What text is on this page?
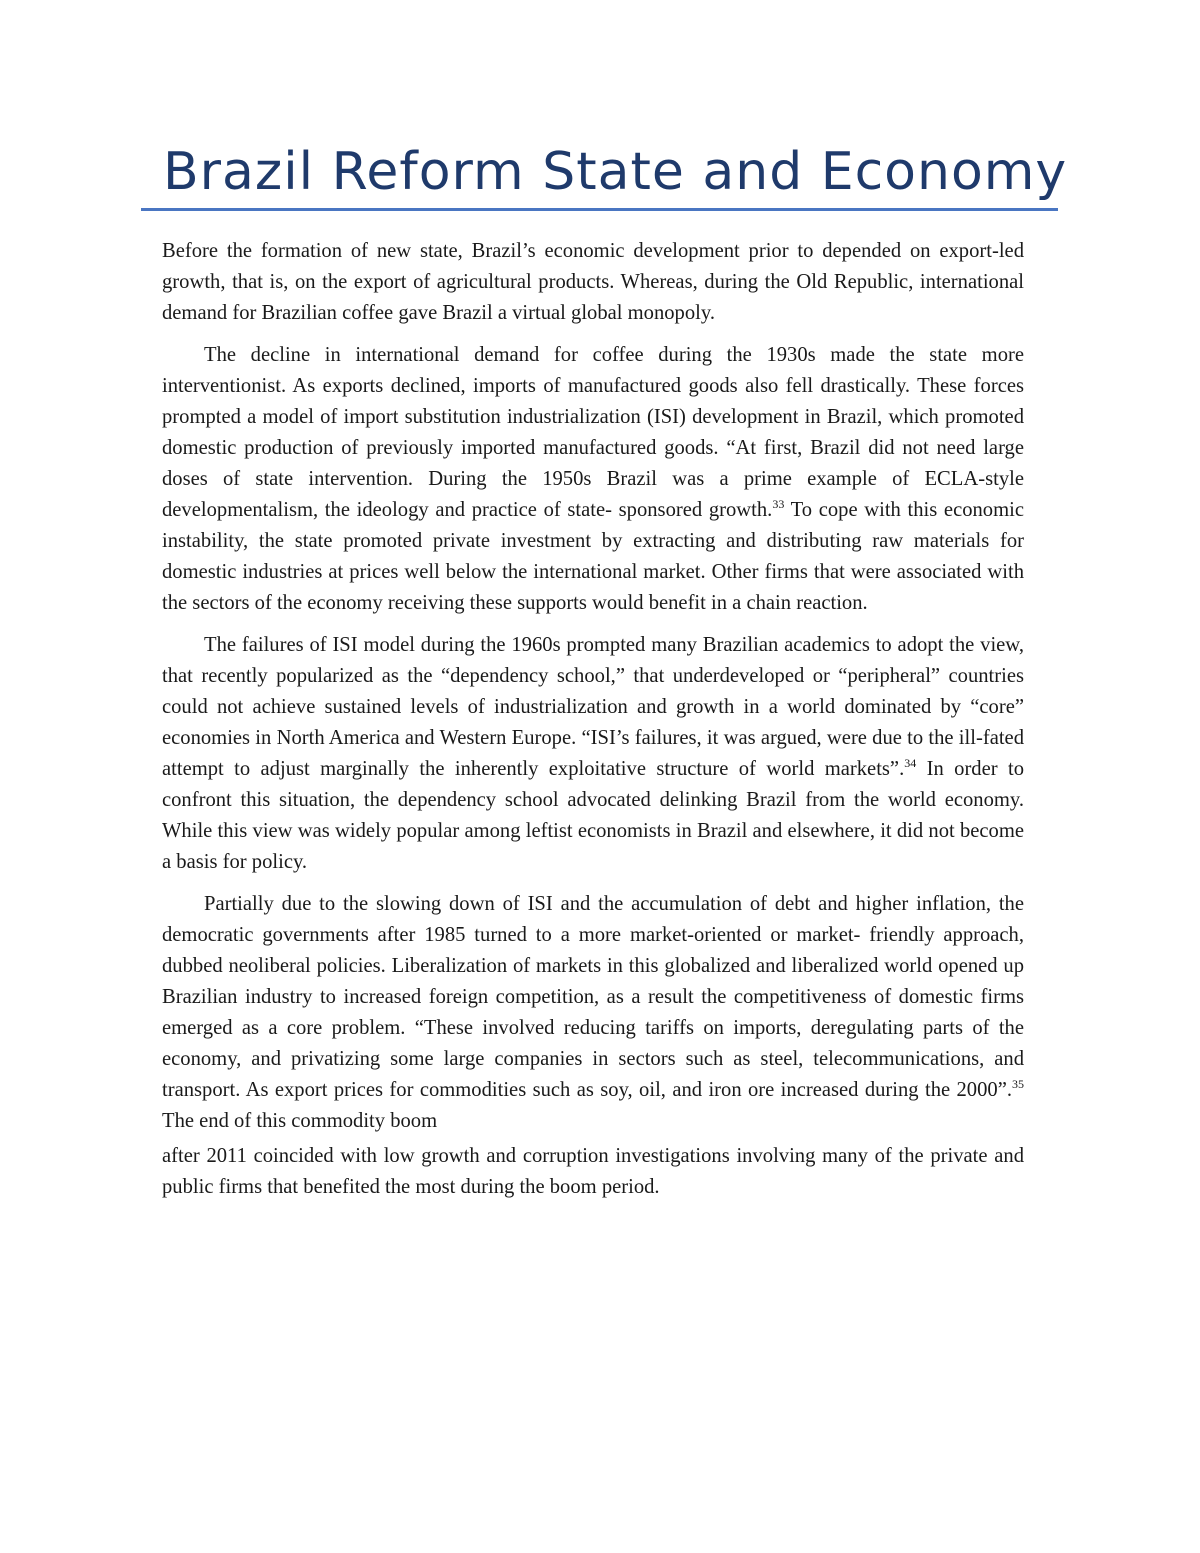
Brazil Reform State and Economy

Before the formation of new state, Brazil’s economic development prior to depended on export-led growth, that is, on the export of agricultural products. Whereas, during the Old Republic, international demand for Brazilian coffee gave Brazil a virtual global monopoly.

The decline in international demand for coffee during the 1930s made the state more interventionist. As exports declined, imports of manufactured goods also fell drastically. These forces prompted a model of import substitution industrialization (ISI) development in Brazil, which promoted domestic production of previously imported manufactured goods. “At first, Brazil did not need large doses of state intervention. During the 1950s Brazil was a prime example of ECLA-style developmentalism, the ideology and practice of state- sponsored growth.$^{33}$ To cope with this economic instability, the state promoted private investment by extracting and distributing raw materials for domestic industries at prices well below the international market. Other firms that were associated with the sectors of the economy receiving these supports would benefit in a chain reaction.

The failures of ISI model during the 1960s prompted many Brazilian academics to adopt the view, that recently popularized as the “dependency school,” that underdeveloped or “peripheral” countries could not achieve sustained levels of industrialization and growth in a world dominated by “core” economies in North America and Western Europe. “ISI’s failures, it was argued, were due to the ill-fated attempt to adjust marginally the inherently exploitative structure of world markets”.$^{34}$ In order to confront this situation, the dependency school advocated delinking Brazil from the world economy. While this view was widely popular among leftist economists in Brazil and elsewhere, it did not become a basis for policy.

Partially due to the slowing down of ISI and the accumulation of debt and higher inflation, the democratic governments after 1985 turned to a more market-oriented or market- friendly approach, dubbed neoliberal policies. Liberalization of markets in this globalized and liberalized world opened up Brazilian industry to increased foreign competition, as a result the competitiveness of domestic firms emerged as a core problem. “These involved reducing tariffs on imports, deregulating parts of the economy, and privatizing some large companies in sectors such as steel, telecommunications, and transport. As export prices for commodities such as soy, oil, and iron ore increased during the 2000”.$^{35}$ The end of this commodity boom

after 2011 coincided with low growth and corruption investigations involving many of the private and public firms that benefited the most during the boom period.
